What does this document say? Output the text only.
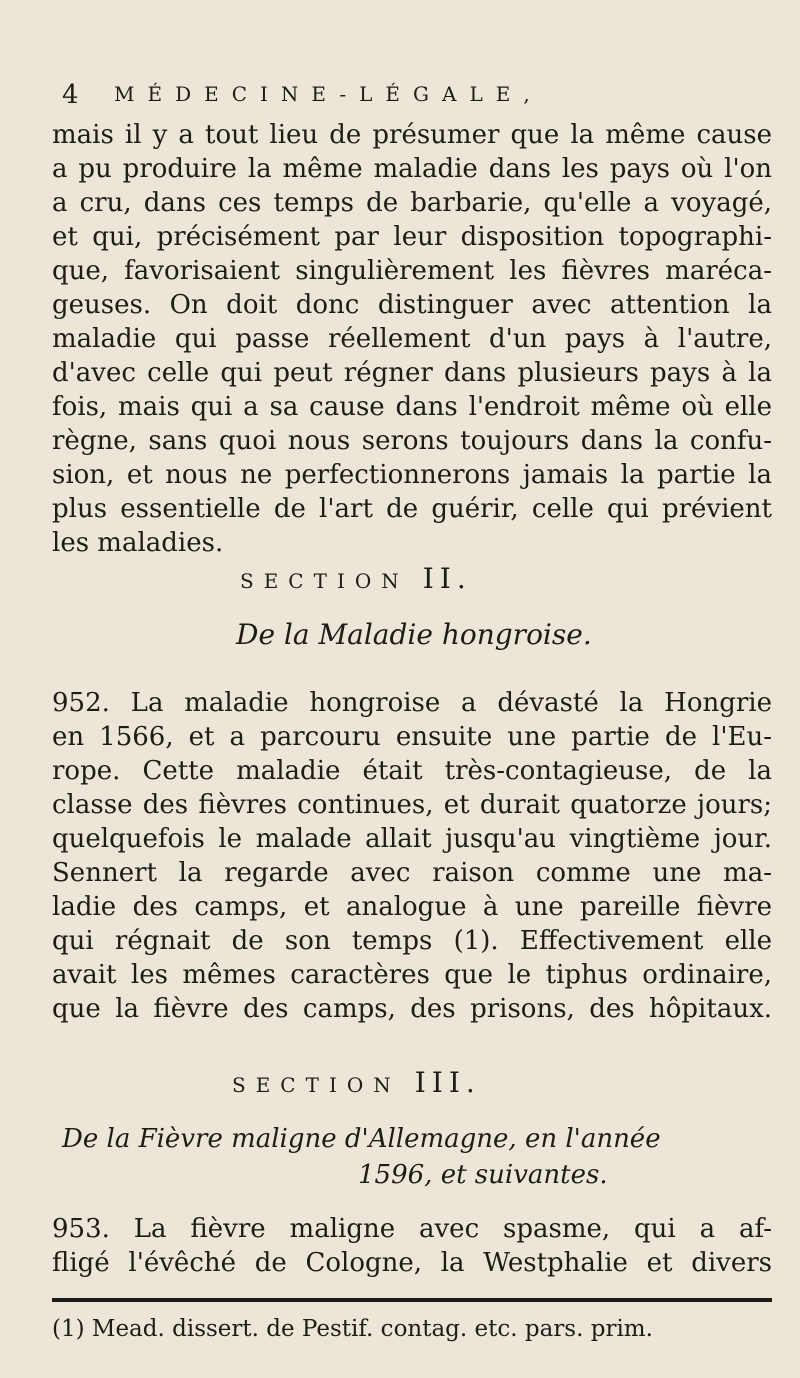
4 MÉDECINE-LÉGALE,
mais il y a tout lieu de présumer que la même cause
a pu produire la même maladie dans les pays où l'on
a cru, dans ces temps de barbarie, qu'elle a voyagé,
et qui, précisément par leur disposition topographi-
que, favorisaient singulièrement les fièvres maréca-
geuses. On doit donc distinguer avec attention la
maladie qui passe réellement d'un pays à l'autre,
d'avec celle qui peut régner dans plusieurs pays à la
fois, mais qui a sa cause dans l'endroit même où elle
règne, sans quoi nous serons toujours dans la confu-
sion, et nous ne perfectionnerons jamais la partie la
plus essentielle de l'art de guérir, celle qui prévient
les maladies.
SECTION II.
De la Maladie hongroise.
952. La maladie hongroise a dévasté la Hongrie
en 1566, et a parcouru ensuite une partie de l'Eu-
rope. Cette maladie était très-contagieuse, de la
classe des fièvres continues, et durait quatorze jours;
quelquefois le malade allait jusqu'au vingtième jour.
Sennert la regarde avec raison comme une ma-
ladie des camps, et analogue à une pareille fièvre
qui régnait de son temps (1). Effectivement elle
avait les mêmes caractères que le tiphus ordinaire,
que la fièvre des camps, des prisons, des hôpitaux.
SECTION III.
De la Fièvre maligne d'Allemagne, en l'année
1596, et suivantes.
953. La fièvre maligne avec spasme, qui a af-
fligé l'évêché de Cologne, la Westphalie et divers
(1) Mead. dissert. de Pestif. contag. etc. pars. prim.
